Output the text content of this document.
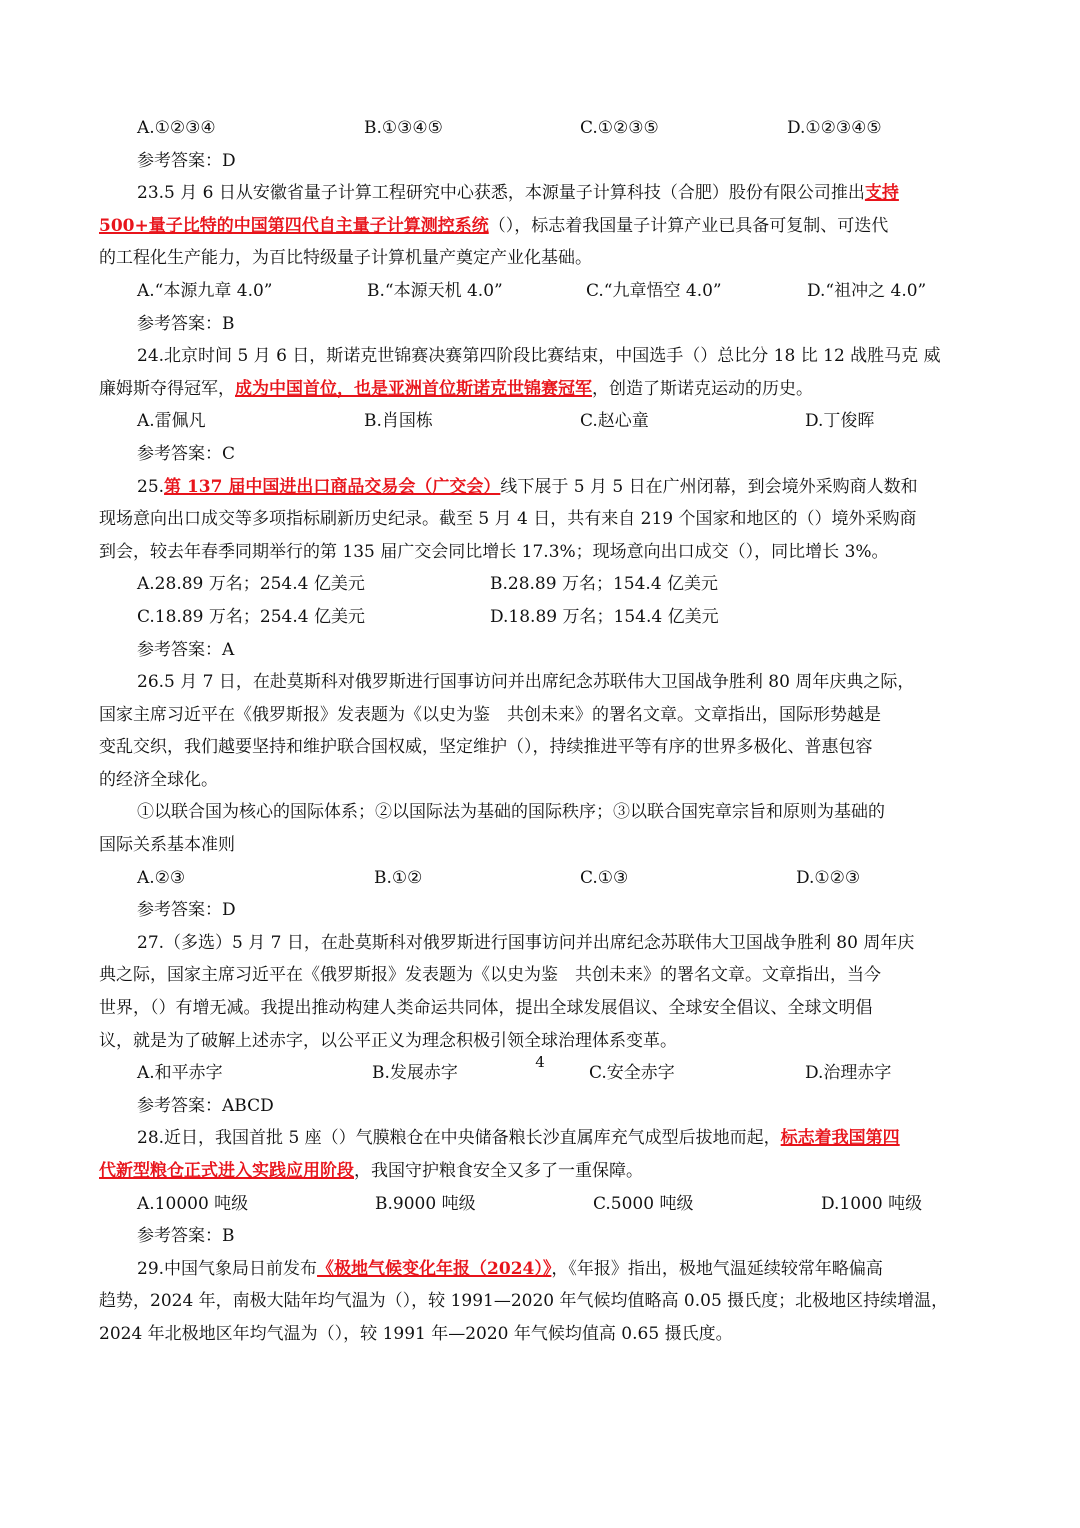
A.①②③④	B.①③④⑤	C.①②③⑤	D.①②③④⑤
参考答案：D
23.5 月 6 日从安徽省量子计算工程研究中心获悉，本源量子计算科技（合肥）股份有限公司推出支持
500+量子比特的中国第四代自主量子计算测控系统（），标志着我国量子计算产业已具备可复制、可迭代
的工程化生产能力，为百比特级量子计算机量产奠定产业化基础。
A.“本源九章 4.0”	B.“本源天机 4.0”	C.“九章悟空 4.0”	D.“祖冲之 4.0”
参考答案：B
24.北京时间 5 月 6 日，斯诺克世锦赛决赛第四阶段比赛结束，中国选手（）总比分 18 比 12 战胜马克 威
廉姆斯夺得冠军，成为中国首位，也是亚洲首位斯诺克世锦赛冠军，创造了斯诺克运动的历史。
A.雷佩凡	B.肖国栋	C.赵心童	D.丁俊晖
参考答案：C
25.第 137 届中国进出口商品交易会（广交会）线下展于 5 月 5 日在广州闭幕，到会境外采购商人数和
现场意向出口成交等多项指标刷新历史纪录。截至 5 月 4 日，共有来自 219 个国家和地区的（）境外采购商
到会，较去年春季同期举行的第 135 届广交会同比增长 17.3%；现场意向出口成交（），同比增长 3%。
A.28.89 万名；254.4 亿美元	B.28.89 万名；154.4 亿美元
C.18.89 万名；254.4 亿美元	D.18.89 万名；154.4 亿美元
参考答案：A
26.5 月 7 日，在赴莫斯科对俄罗斯进行国事访问并出席纪念苏联伟大卫国战争胜利 80 周年庆典之际，
国家主席习近平在《俄罗斯报》发表题为《以史为鉴　共创未来》的署名文章。文章指出，国际形势越是
变乱交织，我们越要坚持和维护联合国权威，坚定维护（），持续推进平等有序的世界多极化、普惠包容
的经济全球化。
①以联合国为核心的国际体系；②以国际法为基础的国际秩序；③以联合国宪章宗旨和原则为基础的
国际关系基本准则
A.②③	B.①②	C.①③	D.①②③
参考答案：D
27.（多选）5 月 7 日，在赴莫斯科对俄罗斯进行国事访问并出席纪念苏联伟大卫国战争胜利 80 周年庆
典之际，国家主席习近平在《俄罗斯报》发表题为《以史为鉴　共创未来》的署名文章。文章指出，当今
世界，（）有增无减。我提出推动构建人类命运共同体，提出全球发展倡议、全球安全倡议、全球文明倡
议，就是为了破解上述赤字，以公平正义为理念积极引领全球治理体系变革。
A.和平赤字	B.发展赤字	C.安全赤字	D.治理赤字
参考答案：ABCD
28.近日，我国首批 5 座（）气膜粮仓在中央储备粮长沙直属库充气成型后拔地而起，标志着我国第四
代新型粮仓正式进入实践应用阶段，我国守护粮食安全又多了一重保障。
A.10000 吨级	B.9000 吨级	C.5000 吨级	D.1000 吨级
参考答案：B
29.中国气象局日前发布《极地气候变化年报（2024）》，《年报》指出，极地气温延续较常年略偏高
趋势，2024 年，南极大陆年均气温为（），较 1991—2020 年气候均值略高 0.05 摄氏度；北极地区持续增温，
2024 年北极地区年均气温为（），较 1991 年—2020 年气候均值高 0.65 摄氏度。
4
